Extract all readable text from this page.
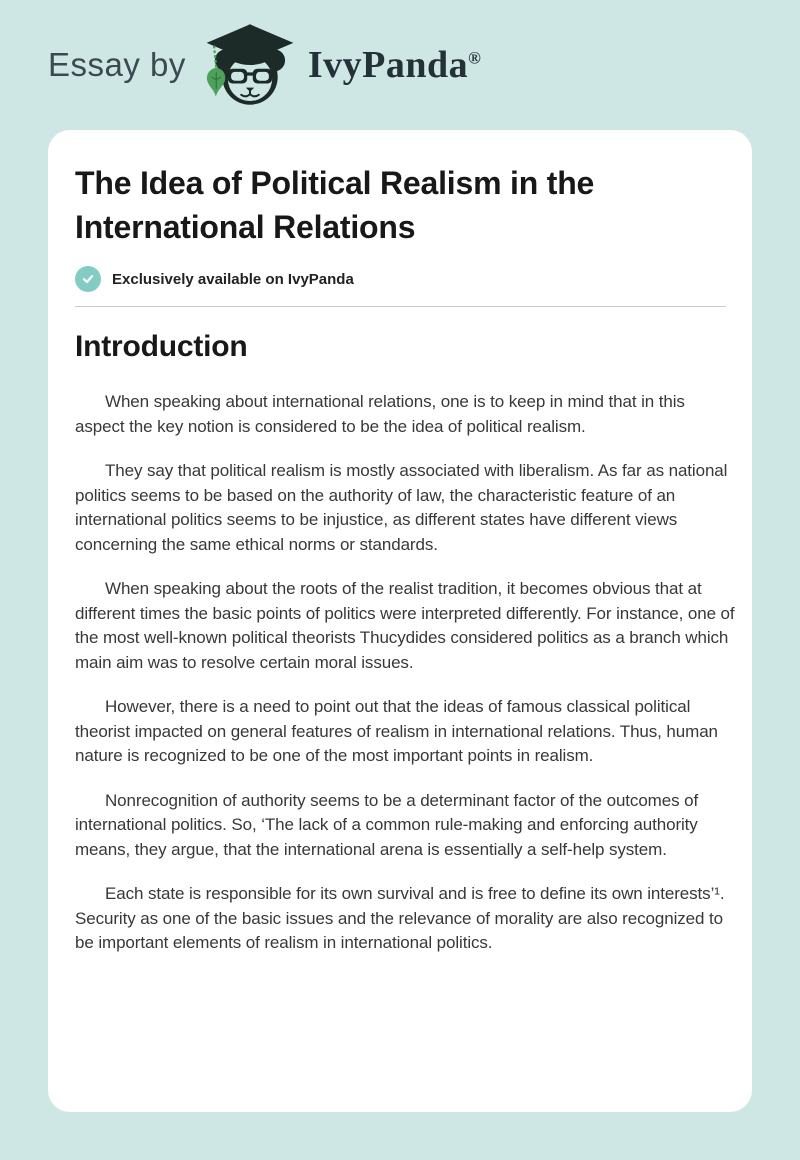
Essay by	IvyPanda®
The Idea of Political Realism in the International Relations
Exclusively available on IvyPanda
Introduction

When speaking about international relations, one is to keep in mind that in this aspect the key notion is considered to be the idea of political realism.

They say that political realism is mostly associated with liberalism. As far as national politics seems to be based on the authority of law, the characteristic feature of an international politics seems to be injustice, as different states have different views concerning the same ethical norms or standards.

When speaking about the roots of the realist tradition, it becomes obvious that at different times the basic points of politics were interpreted differently. For instance, one of the most well-known political theorists Thucydides considered politics as a branch which main aim was to resolve certain moral issues.

However, there is a need to point out that the ideas of famous classical political theorist impacted on general features of realism in international relations. Thus, human nature is recognized to be one of the most important points in realism.

Nonrecognition of authority seems to be a determinant factor of the outcomes of international politics. So, ‘The lack of a common rule-making and enforcing authority means, they argue, that the international arena is essentially a self-help system.

Each state is responsible for its own survival and is free to define its own interests’¹. Security as one of the basic issues and the relevance of morality are also recognized to be important elements of realism in international politics.
